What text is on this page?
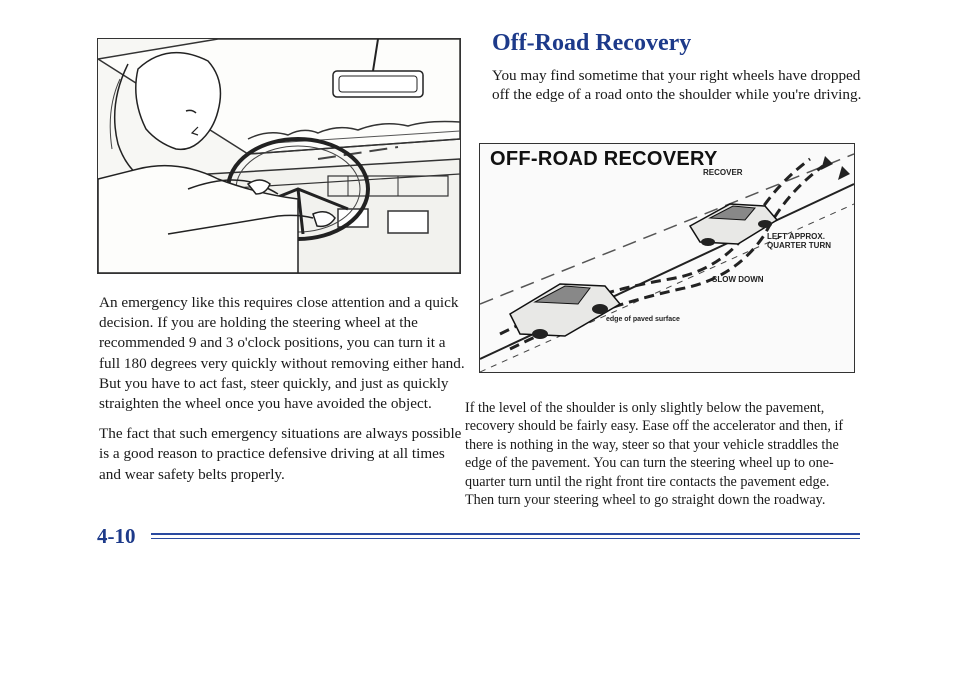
An emergency like this requires close attention and a quick decision. If you are holding the steering wheel at the recommended 9 and 3 o'clock positions, you can turn it a full 180 degrees very quickly without removing either hand. But you have to act fast, steer quickly, and just as quickly straighten the wheel once you have avoided the object.

The fact that such emergency situations are always possible is a good reason to practice defensive driving at all times and wear safety belts properly.

Off-Road Recovery

You may find sometime that your right wheels have dropped off the edge of a road onto the shoulder while you're driving.

OFF-ROAD RECOVERY
RECOVER
LEFT APPROX.
QUARTER TURN
SLOW DOWN
edge of paved surface

If the level of the shoulder is only slightly below the pavement, recovery should be fairly easy. Ease off the accelerator and then, if there is nothing in the way, steer so that your vehicle straddles the edge of the pavement. You can turn the steering wheel up to one-quarter turn until the right front tire contacts the pavement edge. Then turn your steering wheel to go straight down the roadway.

4-10
